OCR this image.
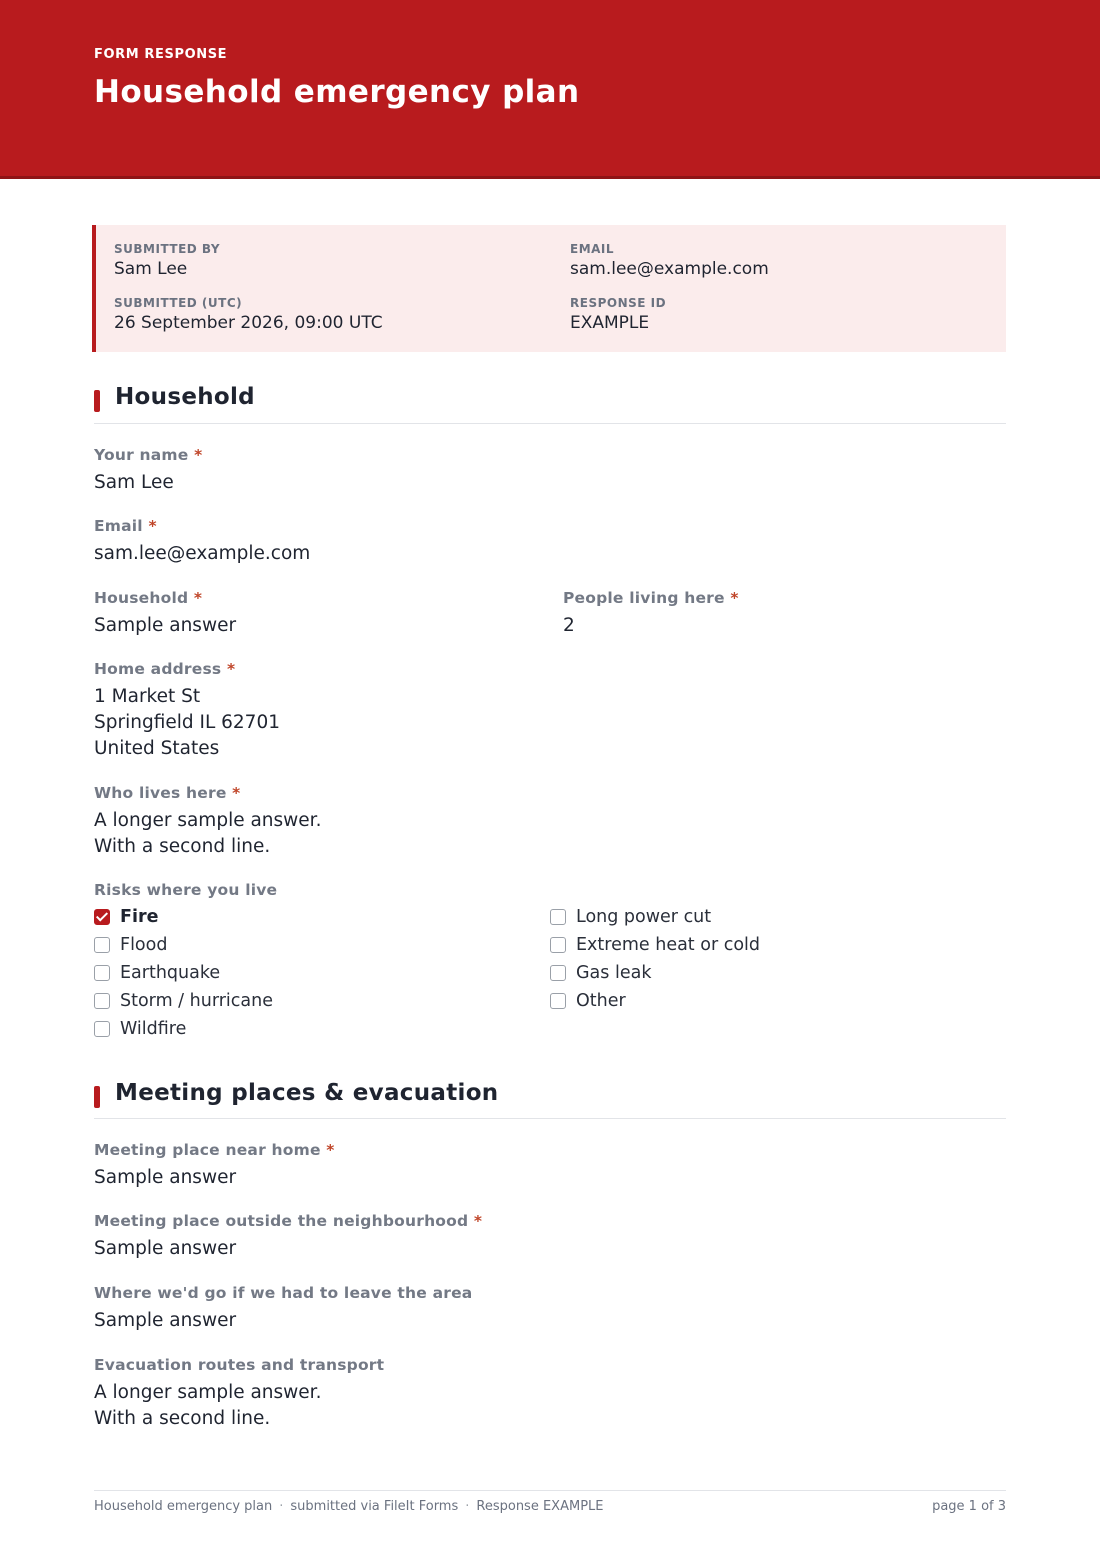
FORM RESPONSE
Household emergency plan
SUBMITTED BY
Sam Lee
EMAIL
sam.lee@example.com
SUBMITTED (UTC)
26 September 2026, 09:00 UTC
RESPONSE ID
EXAMPLE
Household
Your name *
Sam Lee
Email *
sam.lee@example.com
Household *
Sample answer
People living here *
2
Home address *
1 Market St
Springfield IL 62701
United States
Who lives here *
A longer sample answer.
With a second line.
Risks where you live
Fire
Flood
Earthquake
Storm / hurricane
Wildfire
Long power cut
Extreme heat or cold
Gas leak
Other
Meeting places & evacuation
Meeting place near home *
Sample answer
Meeting place outside the neighbourhood *
Sample answer
Where we'd go if we had to leave the area
Sample answer
Evacuation routes and transport
A longer sample answer.
With a second line.
Household emergency plan · submitted via FileIt Forms · Response EXAMPLE	page 1 of 3
